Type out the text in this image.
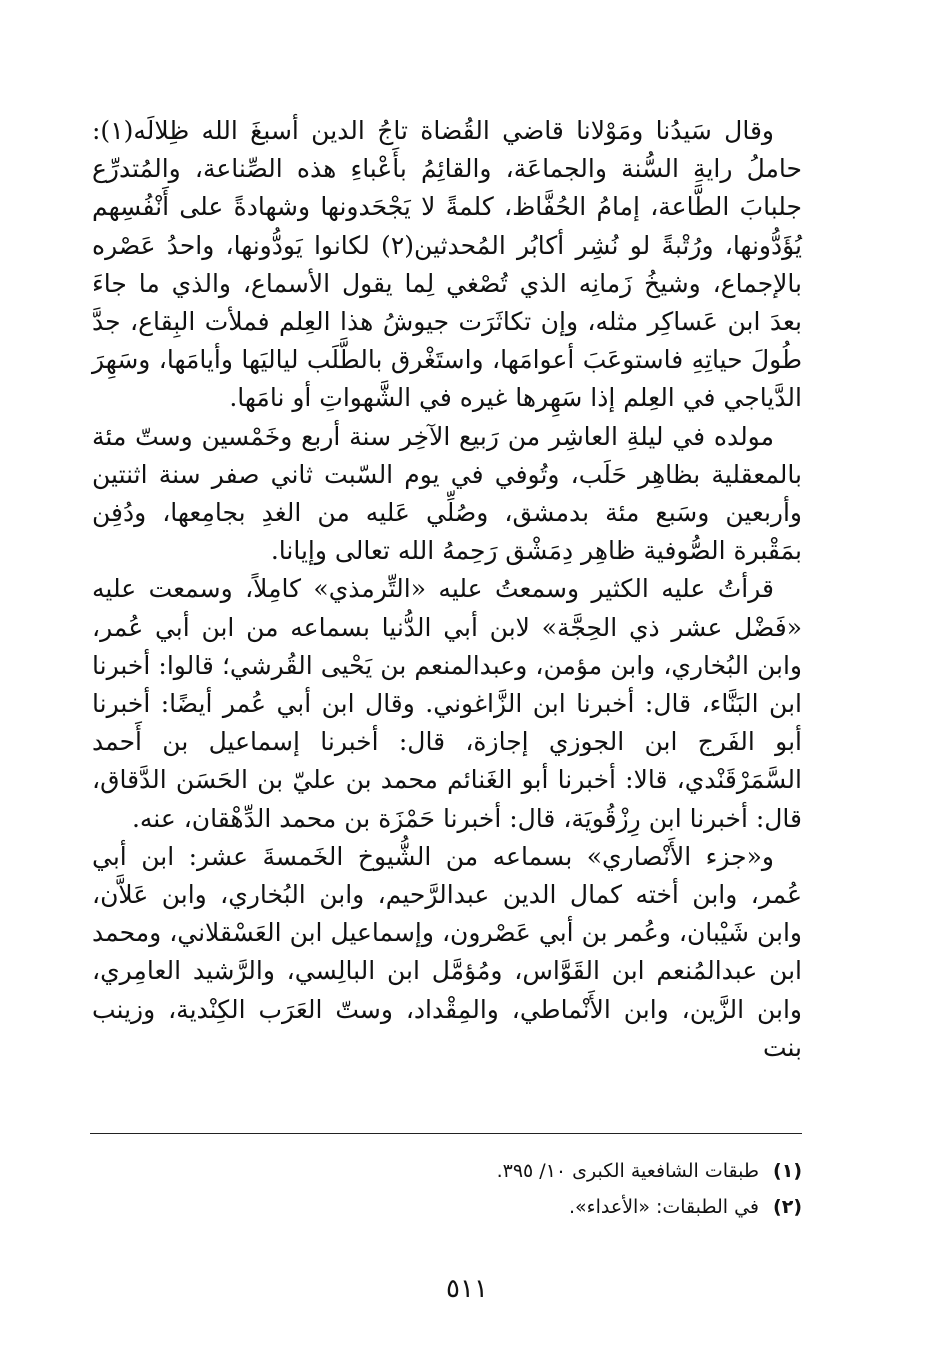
وقال سَيدُنا ومَوْلانا قاضي القُضاة تاجُ الدين أسبغَ الله ظِلالَه(١): حاملُ رايةِ السُّنة والجماعَة، والقائِمُ بأَعْباءِ هذه الصِّناعة، والمُتدرِّع جلبابَ الطَّاعة، إمامُ الحُفَّاظ، كلمةً لا يَجْحَدونها وشهادةً على أَنْفُسِهم يُؤَدُّونها، ورُتْبةً لو نُشِر أكابُر المُحدثين(٢) لكانوا يَودُّونها، واحدُ عَصْره بالإجماع، وشيخُ زَمانِه الذي تُصْغي لِما يقول الأسماع، والذي ما جاءَ بعدَ ابن عَساكِر مثله، وإن تكاثَرَت جيوشُ هذا العِلم فملأت البِقاع، جدَّ طُولَ حياتِهِ فاستوعَبَ أعوامَها، واستَغْرق بالطَّلَب لياليَها وأيامَها، وسَهِرَ الدَّياجي في العِلم إذا سَهِرها غيره في الشَّهواتِ أو نامَها.

مولده في ليلةِ العاشِر من رَبيع الآخِر سنة أربع وخَمْسين وستّ مئة بالمعقلية بظاهِر حَلَب، وتُوفي في يوم السّبت ثاني صفر سنة اثنتين وأربعين وسَبع مئة بدمشق، وصُلِّي عَليه من الغدِ بجامِعها، ودُفِن بمَقْبرة الصُّوفية ظاهِر دِمَشْق رَحِمهُ الله تعالى وإيانا.

قرأتُ عليه الكثير وسمعتُ عليه «التِّرمذي» كامِلاً، وسمعت عليه «فَضْل عشر ذي الحِجَّة» لابن أبي الدُّنيا بسماعه من ابن أبي عُمر، وابن البُخاري، وابن مؤمن، وعبدالمنعم بن يَحْيى القُرشي؛ قالوا: أخبرنا ابن البَنَّاء، قال: أخبرنا ابن الزَّاغوني. وقال ابن أبي عُمر أيضًا: أخبرنا أبو الفَرج ابن الجوزي إجازة، قال: أخبرنا إسماعيل بن أَحمد السَّمَرْقَنْدي، قالا: أخبرنا أبو الغَنائم محمد بن عليّ بن الحَسَن الدَّقاق، قال: أخبرنا ابن رِزْقُويَة، قال: أخبرنا حَمْزَة بن محمد الدِّهْقان، عنه.

و«جزء الأَنْصاري» بسماعه من الشُّيوخ الخَمسةَ عشر: ابن أبي عُمر، وابن أخته كمال الدين عبدالرَّحيم، وابن البُخاري، وابن عَلاَّن، وابن شَيْبان، وعُمر بن أبي عَصْرون، وإسماعيل ابن العَسْقلاني، ومحمد ابن عبدالمُنعم ابن القَوَّاس، ومُؤمَّل ابن البالِسي، والرَّشيد العامِري، وابن الزَّين، وابن الأَنْماطي، والمِقْداد، وستّ العَرَب الكِنْدية، وزينب بنت

(١)
طبقات الشافعية الكبرى ١٠/ ٣٩٥.
(٢)
في الطبقات: «الأعداء».
٥١١
